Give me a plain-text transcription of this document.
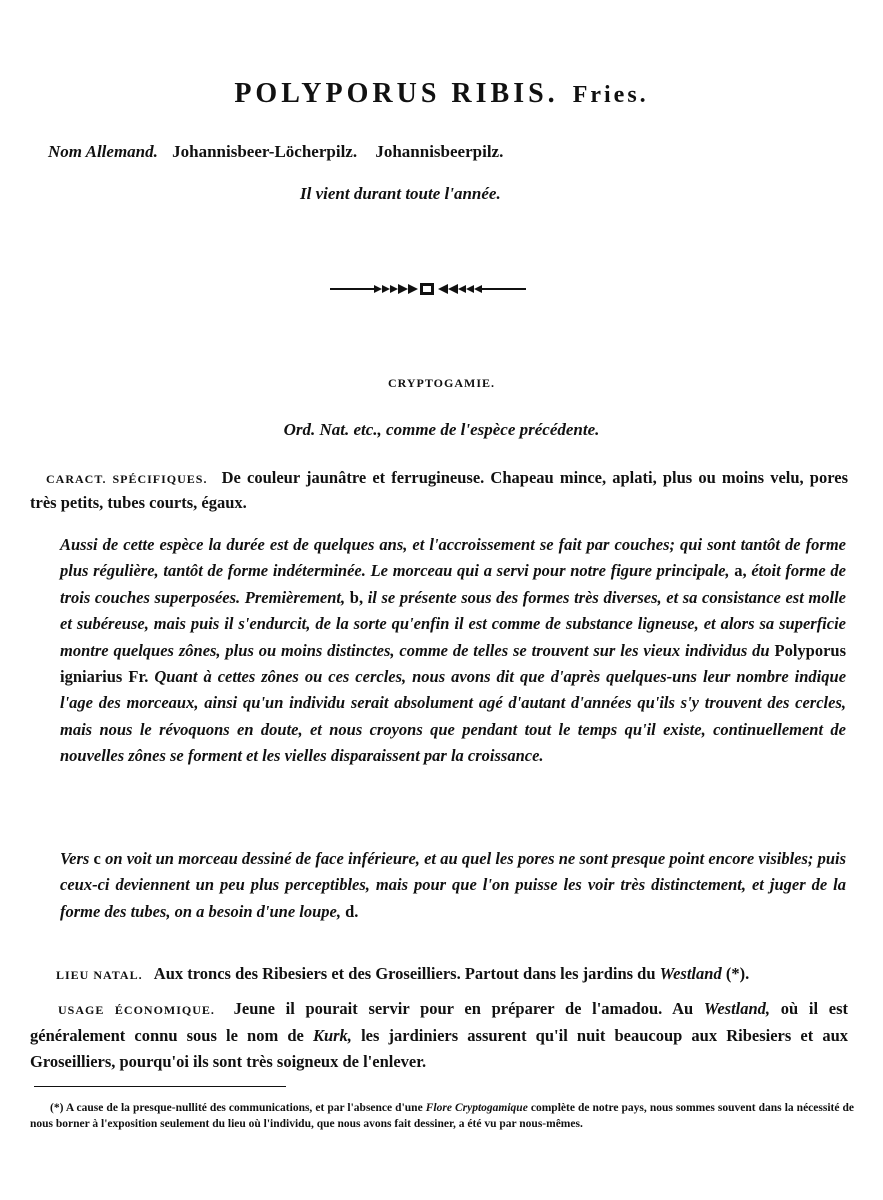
POLYPORUS RIBIS. Fries.
Nom Allemand. Johannisbeer-Löcherpilz. Johannisbeerpilz.
Il vient durant toute l'année.
CRYPTOGAMIE.
Ord. Nat. etc., comme de l'espèce précédente.
CARACT. SPÉCIFIQUES. De couleur jaunâtre et ferrugineuse. Chapeau mince, aplati, plus ou moins velu, pores très petits, tubes courts, égaux.
Aussi de cette espèce la durée est de quelques ans, et l'accroissement se fait par couches; qui sont tantôt de forme plus régulière, tantôt de forme indéterminée. Le morceau qui a servi pour notre figure principale, a, étoit forme de trois couches superposées. Premièrement, b, il se présente sous des formes très diverses, et sa consistance est molle et subéreuse, mais puis il s'endurcit, de la sorte qu'enfin il est comme de substance ligneuse, et alors sa superficie montre quelques zônes, plus ou moins distinctes, comme de telles se trouvent sur les vieux individus du Polyporus igniarius Fr. Quant à cettes zônes ou ces cercles, nous avons dit que d'après quelques-uns leur nombre indique l'age des morceaux, ainsi qu'un individu serait absolument agé d'autant d'années qu'ils s'y trouvent des cercles, mais nous le révoquons en doute, et nous croyons que pendant tout le temps qu'il existe, continuellement de nouvelles zônes se forment et les vielles disparaissent par la croissance.
Vers c on voit un morceau dessiné de face inférieure, et au quel les pores ne sont presque point encore visibles; puis ceux-ci deviennent un peu plus perceptibles, mais pour que l'on puisse les voir très distinctement, et juger de la forme des tubes, on a besoin d'une loupe, d.
LIEU NATAL. Aux troncs des Ribesiers et des Groseilliers. Partout dans les jardins du Westland (*).
USAGE ÉCONOMIQUE. Jeune il pourait servir pour en préparer de l'amadou. Au Westland, où il est généralement connu sous le nom de Kurk, les jardiniers assurent qu'il nuit beaucoup aux Ribesiers et aux Groseilliers, pourqu'oi ils sont très soigneux de l'enlever.
(*) A cause de la presque-nullité des communications, et par l'absence d'une Flore Cryptogamique complète de notre pays, nous sommes souvent dans la nécessité de nous borner à l'exposition seulement du lieu où l'individu, que nous avons fait dessiner, a été vu par nous-mêmes.
